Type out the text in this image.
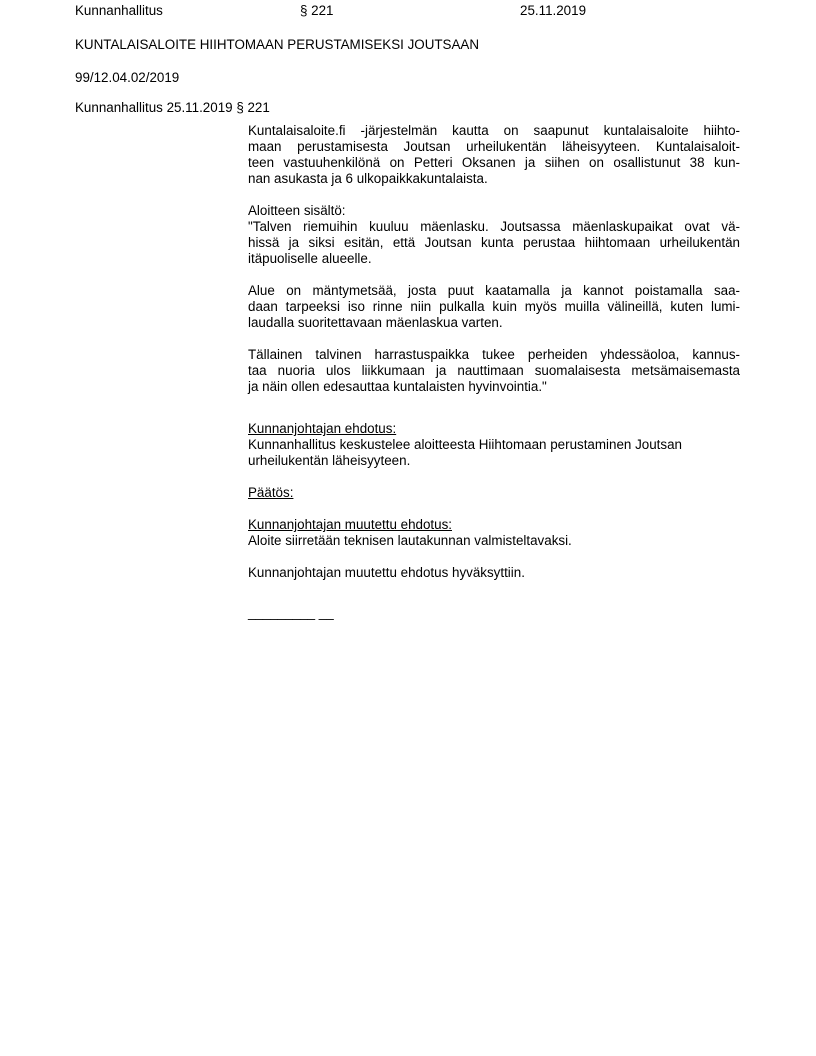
Kunnanhallitus	§ 221	25.11.2019
KUNTALAISALOITE HIIHTOMAAN PERUSTAMISEKSI JOUTSAAN
99/12.04.02/2019
Kunnanhallitus 25.11.2019 § 221
Kuntalaisaloite.fi -järjestelmän kautta on saapunut kuntalaisaloite hiihto-
maan perustamisesta Joutsan urheilukentän läheisyyteen. Kuntalaisaloit-
teen vastuuhenkilönä on Petteri Oksanen ja siihen on osallistunut 38 kun-
nan asukasta ja 6 ulkopaikkakuntalaista.
Aloitteen sisältö:
"Talven riemuihin kuuluu mäenlasku. Joutsassa mäenlaskupaikat ovat vä-
hissä ja siksi esitän, että Joutsan kunta perustaa hiihtomaan urheilukentän
itäpuoliselle alueelle.
Alue on mäntymetsää, josta puut kaatamalla ja kannot poistamalla saa-
daan tarpeeksi iso rinne niin pulkalla kuin myös muilla välineillä, kuten lumi-
laudalla suoritettavaan mäenlaskua varten.
Tällainen talvinen harrastuspaikka tukee perheiden yhdessäoloa, kannus-
taa nuoria ulos liikkumaan ja nauttimaan suomalaisesta metsämaisemasta
ja näin ollen edesauttaa kuntalaisten hyvinvointia."
Kunnanjohtajan ehdotus:
Kunnanhallitus keskustelee aloitteesta Hiihtomaan perustaminen Joutsan urheilukentän läheisyyteen.
Päätös:
Kunnanjohtajan muutettu ehdotus:
Aloite siirretään teknisen lautakunnan valmisteltavaksi.
Kunnanjohtajan muutettu ehdotus hyväksyttiin.
_________ __
